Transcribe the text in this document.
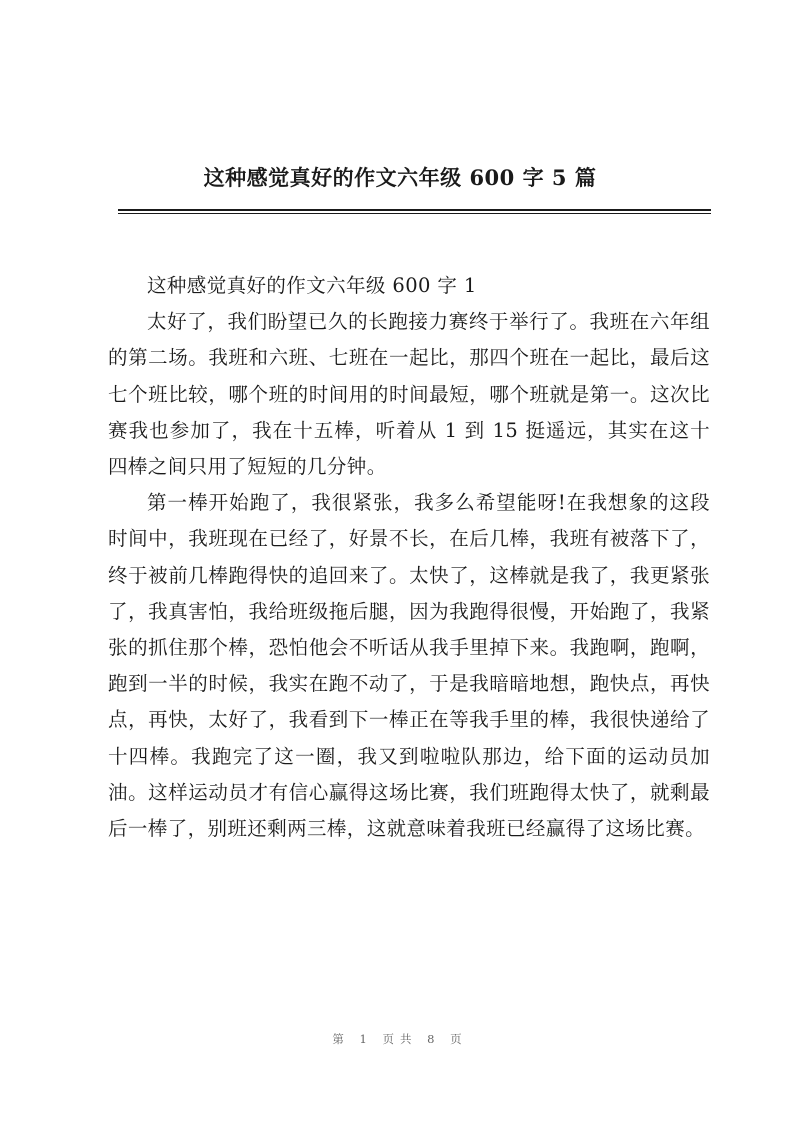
这种感觉真好的作文六年级 600 字 5 篇

这种感觉真好的作文六年级 600 字 1

太好了，我们盼望已久的长跑接力赛终于举行了。我班在六年组的第二场。我班和六班、七班在一起比，那四个班在一起比，最后这七个班比较，哪个班的时间用的时间最短，哪个班就是第一。这次比赛我也参加了，我在十五棒，听着从 1 到 15 挺遥远，其实在这十四棒之间只用了短短的几分钟。

第一棒开始跑了，我很紧张，我多么希望能呀!在我想象的这段时间中，我班现在已经了，好景不长，在后几棒，我班有被落下了，终于被前几棒跑得快的追回来了。太快了，这棒就是我了，我更紧张了，我真害怕，我给班级拖后腿，因为我跑得很慢，开始跑了，我紧张的抓住那个棒，恐怕他会不听话从我手里掉下来。我跑啊，跑啊，跑到一半的时候，我实在跑不动了，于是我暗暗地想，跑快点，再快点，再快，太好了，我看到下一棒正在等我手里的棒，我很快递给了十四棒。我跑完了这一圈，我又到啦啦队那边，给下面的运动员加油。这样运动员才有信心赢得这场比赛，我们班跑得太快了，就剩最后一棒了，别班还剩两三棒，这就意味着我班已经赢得了这场比赛。

第 1 页共 8 页
